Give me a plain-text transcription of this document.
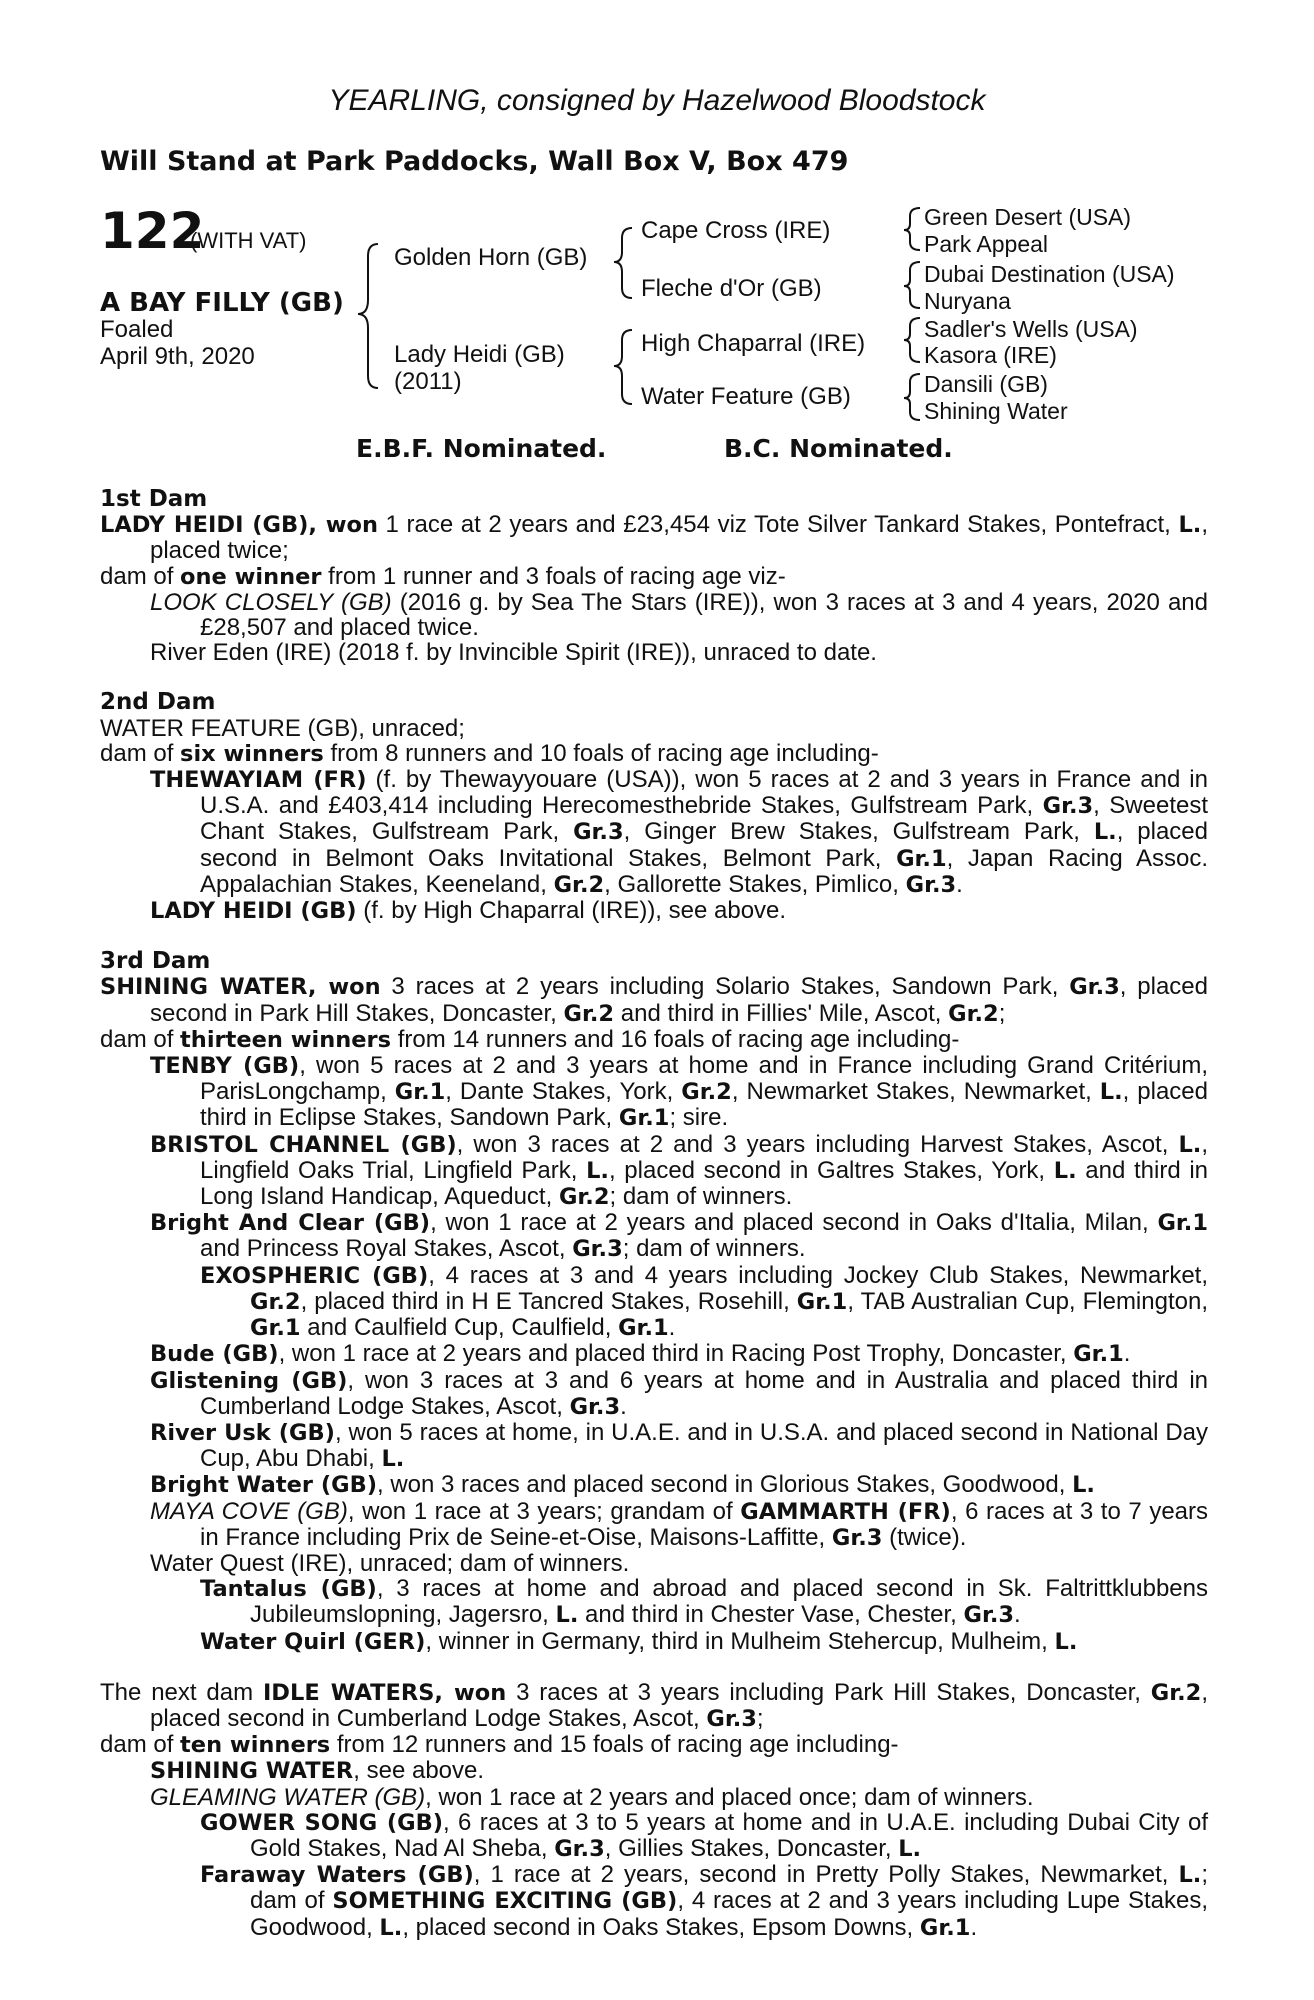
YEARLING, consigned by Hazelwood Bloodstock
Will Stand at Park Paddocks, Wall Box V, Box 479
122
(WITH VAT)
A BAY FILLY (GB)
Foaled
April 9th, 2020
Golden Horn (GB)
Lady Heidi (GB)
(2011)
Cape Cross (IRE)
Fleche d'Or (GB)
High Chaparral (IRE)
Water Feature (GB)
Green Desert (USA)
Park Appeal
Dubai Destination (USA)
Nuryana
Sadler's Wells (USA)
Kasora (IRE)
Dansili (GB)
Shining Water
E.B.F. Nominated.	B.C. Nominated.
1st Dam
LADY HEIDI (GB), won 1 race at 2 years and £23,454 viz Tote Silver Tankard Stakes, Pontefract, L., placed twice;
dam of one winner from 1 runner and 3 foals of racing age viz-
LOOK CLOSELY (GB) (2016 g. by Sea The Stars (IRE)), won 3 races at 3 and 4 years, 2020 and £28,507 and placed twice.
River Eden (IRE) (2018 f. by Invincible Spirit (IRE)), unraced to date.
2nd Dam
WATER FEATURE (GB), unraced;
dam of six winners from 8 runners and 10 foals of racing age including-
THEWAYIAM (FR) (f. by Thewayyouare (USA)), won 5 races at 2 and 3 years in France and in U.S.A. and £403,414 including Herecomesthebride Stakes, Gulfstream Park, Gr.3, Sweetest Chant Stakes, Gulfstream Park, Gr.3, Ginger Brew Stakes, Gulfstream Park, L., placed second in Belmont Oaks Invitational Stakes, Belmont Park, Gr.1, Japan Racing Assoc. Appalachian Stakes, Keeneland, Gr.2, Gallorette Stakes, Pimlico, Gr.3.
LADY HEIDI (GB) (f. by High Chaparral (IRE)), see above.
3rd Dam
SHINING WATER, won 3 races at 2 years including Solario Stakes, Sandown Park, Gr.3, placed second in Park Hill Stakes, Doncaster, Gr.2 and third in Fillies' Mile, Ascot, Gr.2;
dam of thirteen winners from 14 runners and 16 foals of racing age including-
TENBY (GB), won 5 races at 2 and 3 years at home and in France including Grand Critérium, ParisLongchamp, Gr.1, Dante Stakes, York, Gr.2, Newmarket Stakes, Newmarket, L., placed third in Eclipse Stakes, Sandown Park, Gr.1; sire.
BRISTOL CHANNEL (GB), won 3 races at 2 and 3 years including Harvest Stakes, Ascot, L., Lingfield Oaks Trial, Lingfield Park, L., placed second in Galtres Stakes, York, L. and third in Long Island Handicap, Aqueduct, Gr.2; dam of winners.
Bright And Clear (GB), won 1 race at 2 years and placed second in Oaks d'Italia, Milan, Gr.1 and Princess Royal Stakes, Ascot, Gr.3; dam of winners.
EXOSPHERIC (GB), 4 races at 3 and 4 years including Jockey Club Stakes, Newmarket, Gr.2, placed third in H E Tancred Stakes, Rosehill, Gr.1, TAB Australian Cup, Flemington, Gr.1 and Caulfield Cup, Caulfield, Gr.1.
Bude (GB), won 1 race at 2 years and placed third in Racing Post Trophy, Doncaster, Gr.1.
Glistening (GB), won 3 races at 3 and 6 years at home and in Australia and placed third in Cumberland Lodge Stakes, Ascot, Gr.3.
River Usk (GB), won 5 races at home, in U.A.E. and in U.S.A. and placed second in National Day Cup, Abu Dhabi, L.
Bright Water (GB), won 3 races and placed second in Glorious Stakes, Goodwood, L.
MAYA COVE (GB), won 1 race at 3 years; grandam of GAMMARTH (FR), 6 races at 3 to 7 years in France including Prix de Seine-et-Oise, Maisons-Laffitte, Gr.3 (twice).
Water Quest (IRE), unraced; dam of winners.
Tantalus (GB), 3 races at home and abroad and placed second in Sk. Faltrittklubbens Jubileumslopning, Jagersro, L. and third in Chester Vase, Chester, Gr.3.
Water Quirl (GER), winner in Germany, third in Mulheim Stehercup, Mulheim, L.
The next dam IDLE WATERS, won 3 races at 3 years including Park Hill Stakes, Doncaster, Gr.2, placed second in Cumberland Lodge Stakes, Ascot, Gr.3;
dam of ten winners from 12 runners and 15 foals of racing age including-
SHINING WATER, see above.
GLEAMING WATER (GB), won 1 race at 2 years and placed once; dam of winners.
GOWER SONG (GB), 6 races at 3 to 5 years at home and in U.A.E. including Dubai City of Gold Stakes, Nad Al Sheba, Gr.3, Gillies Stakes, Doncaster, L.
Faraway Waters (GB), 1 race at 2 years, second in Pretty Polly Stakes, Newmarket, L.; dam of SOMETHING EXCITING (GB), 4 races at 2 and 3 years including Lupe Stakes, Goodwood, L., placed second in Oaks Stakes, Epsom Downs, Gr.1.
